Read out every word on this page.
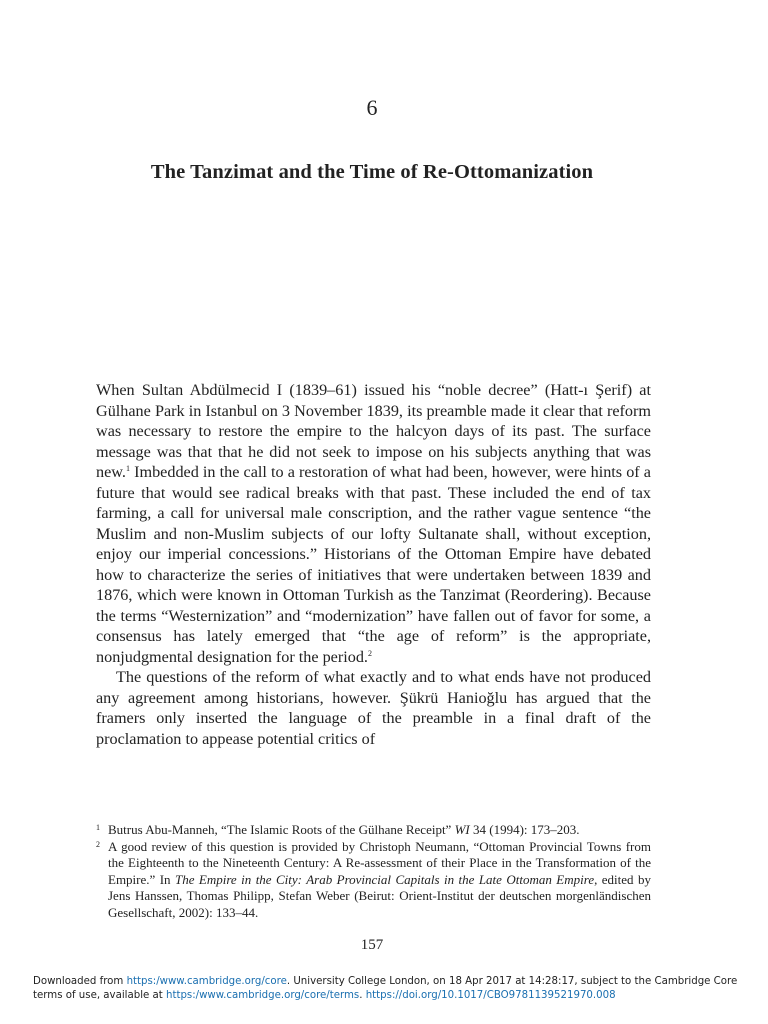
6
The Tanzimat and the Time of Re-Ottomanization

When Sultan Abdülmecid I (1839–61) issued his “noble decree” (Hatt-ı Şerif) at Gülhane Park in Istanbul on 3 November 1839, its preamble made it clear that reform was necessary to restore the empire to the halcyon days of its past. The surface message was that that he did not seek to impose on his subjects anything that was new.$^1$ Imbedded in the call to a restoration of what had been, however, were hints of a future that would see radical breaks with that past. These included the end of tax farming, a call for universal male conscription, and the rather vague sentence “the Muslim and non-Muslim subjects of our lofty Sultanate shall, without exception, enjoy our imperial concessions.” Historians of the Ottoman Empire have debated how to characterize the series of initiatives that were undertaken between 1839 and 1876, which were known in Ottoman Turkish as the Tanzimat (Reordering). Because the terms “Westernization” and “modernization” have fallen out of favor for some, a consensus has lately emerged that “the age of reform” is the appropriate, nonjudgmental designation for the period.$^2$

The questions of the reform of what exactly and to what ends have not produced any agreement among historians, however. Şükrü Hanioğlu has argued that the framers only inserted the language of the preamble in a final draft of the proclamation to appease potential critics of

1 Butrus Abu-Manneh, “The Islamic Roots of the Gülhane Receipt” WI 34 (1994): 173–203.
2 A good review of this question is provided by Christoph Neumann, “Ottoman Provincial Towns from the Eighteenth to the Nineteenth Century: A Re-assessment of their Place in the Transformation of the Empire.” In The Empire in the City: Arab Provincial Capitals in the Late Ottoman Empire, edited by Jens Hanssen, Thomas Philipp, Stefan Weber (Beirut: Orient-Institut der deutschen morgenländischen Gesellschaft, 2002): 133–44.
157
Downloaded from https:/www.cambridge.org/core. University College London, on 18 Apr 2017 at 14:28:17, subject to the Cambridge Core terms of use, available at https:/www.cambridge.org/core/terms. https://doi.org/10.1017/CBO9781139521970.008
